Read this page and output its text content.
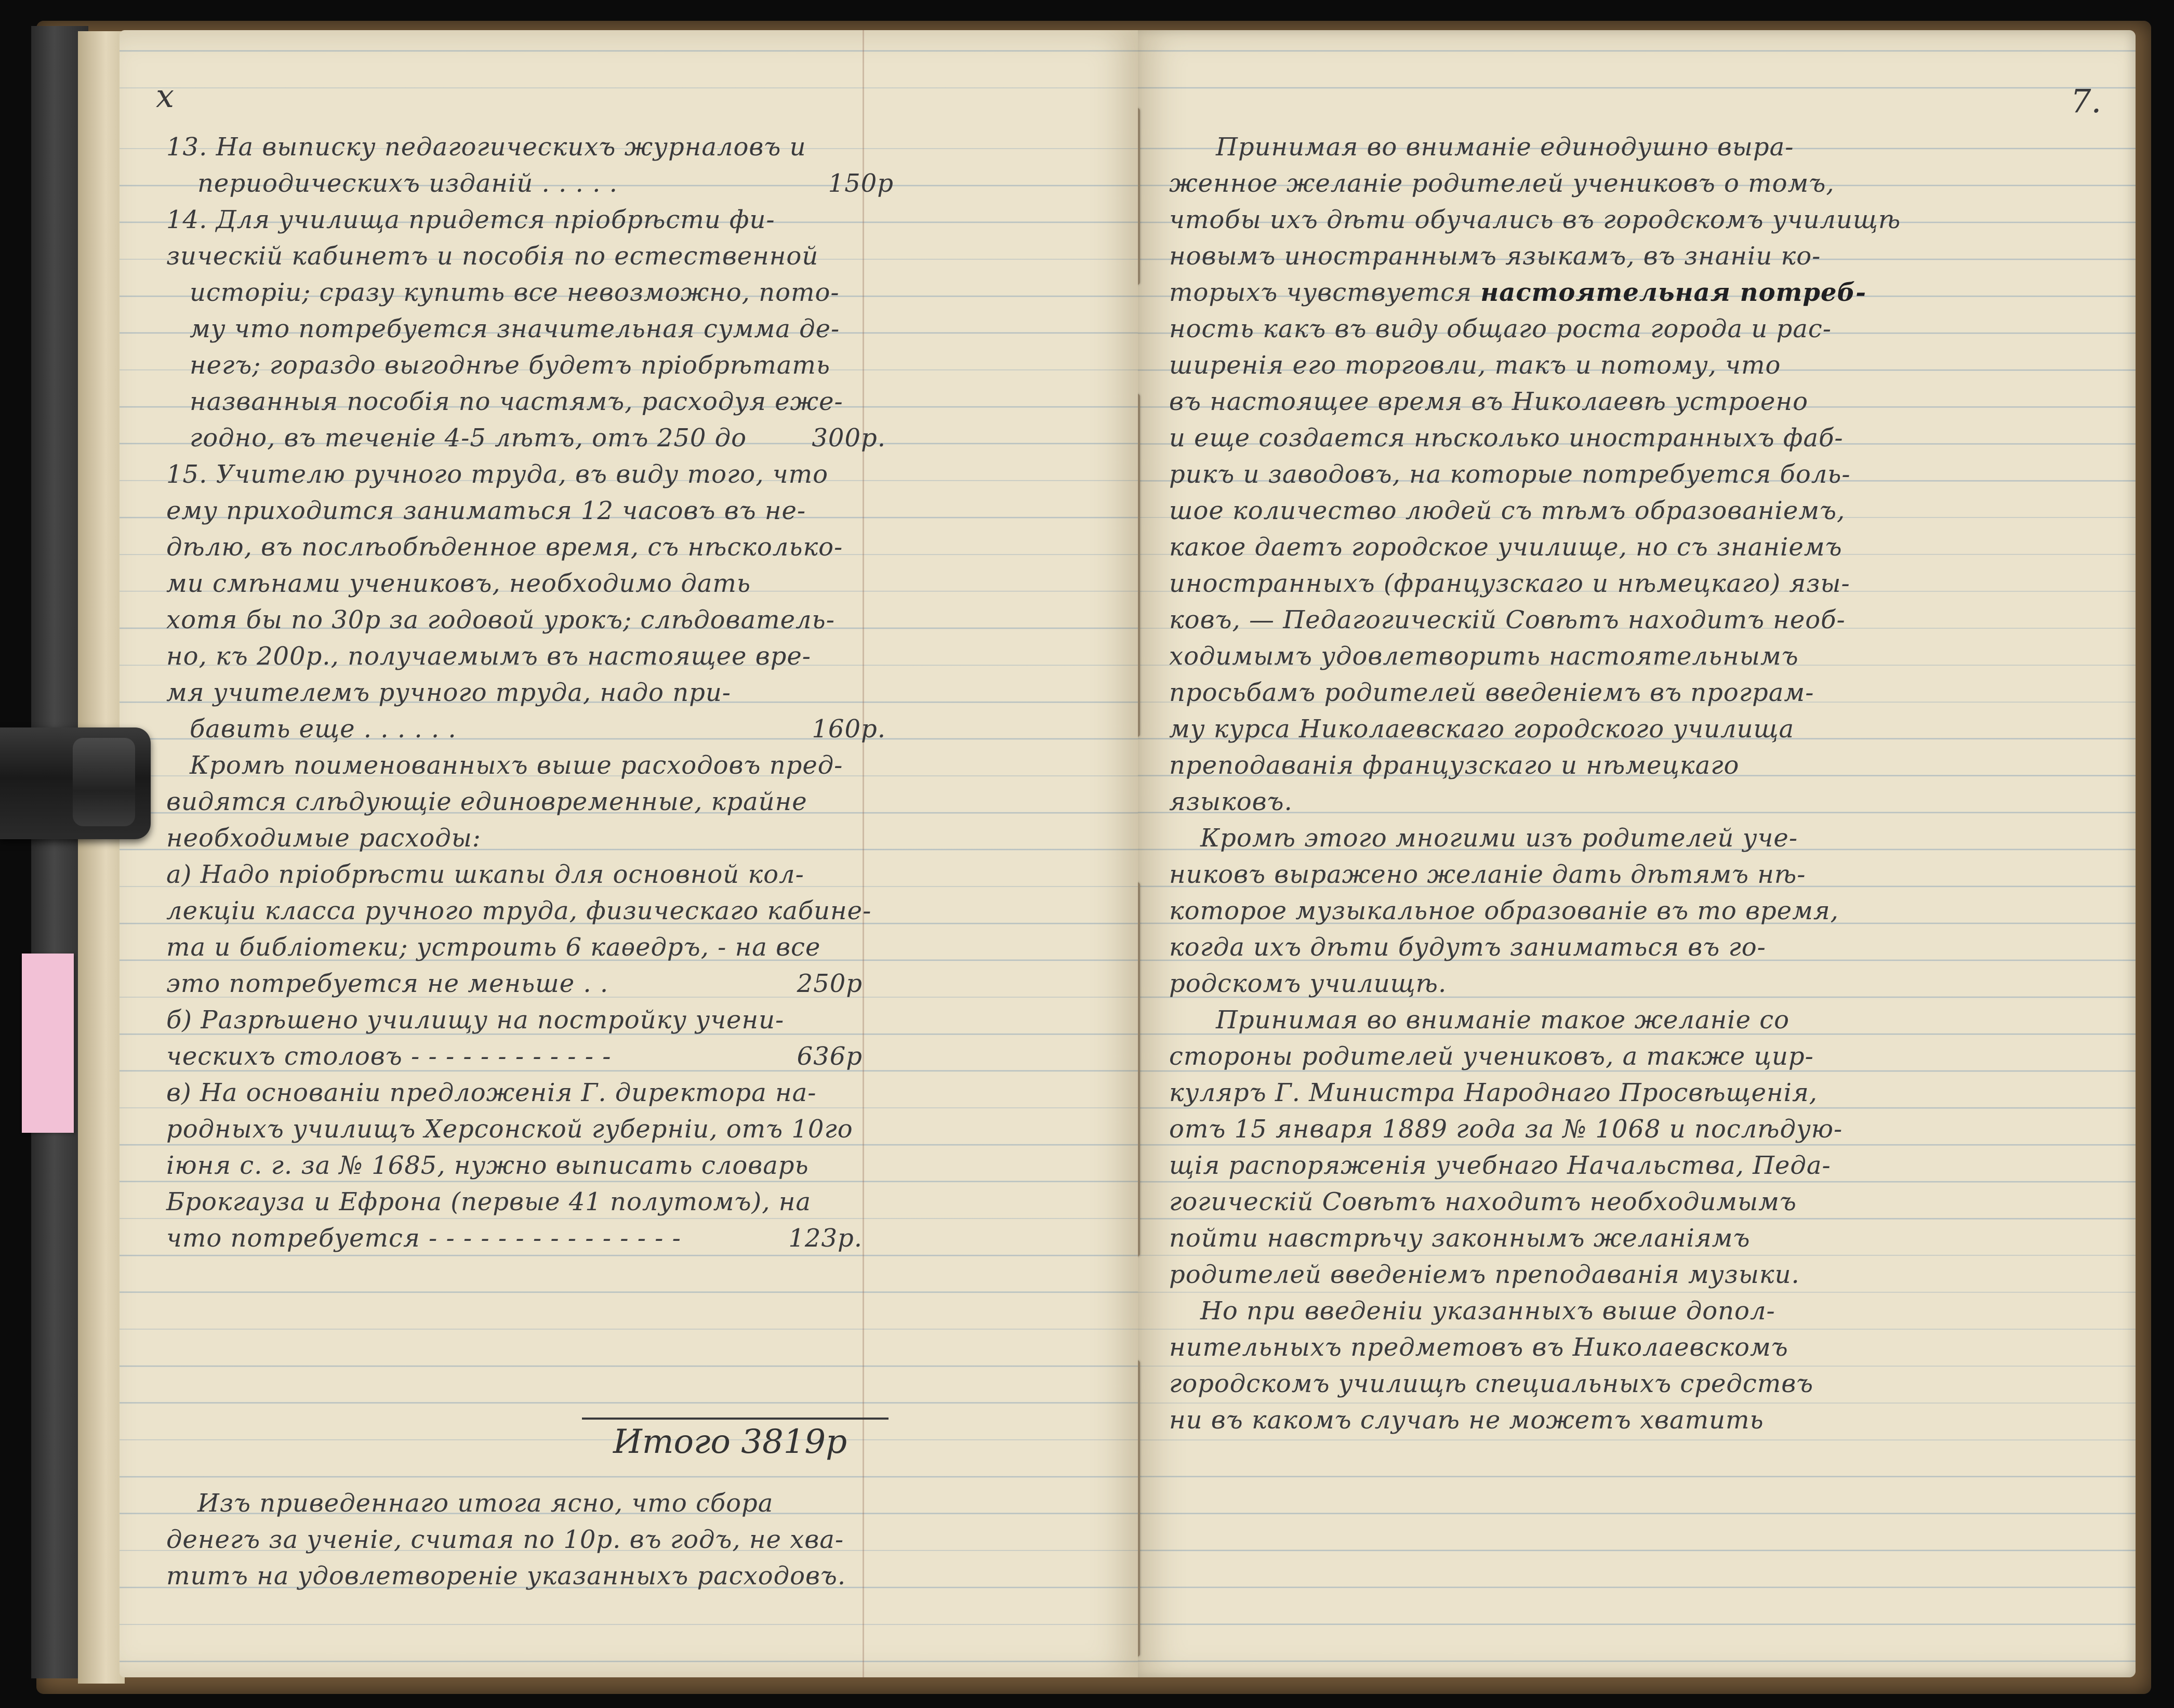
ⅹ
13. На выписку педагогическихъ журналовъ и
периодическихъ изданій . . . . .	150р
14. Для училища придется пріобрѣсти фи-
зическій кабинетъ и пособія по естественной
исторіи; сразу купить все невозможно, пото-
му что потребуется значительная сумма де-
негъ; гораздо выгоднѣе будетъ пріобрѣтать
названныя пособія по частямъ, расходуя еже-
годно, въ теченіе 4-5 лѣтъ, отъ 250 до	300р.
15. Учителю ручного труда, въ виду того, что
ему приходится заниматься 12 часовъ въ не-
дѣлю, въ послѣобѣденное время, съ нѣсколько-
ми смѣнами учениковъ, необходимо дать
хотя бы по 30р за годовой урокъ; слѣдователь-
но, къ 200р., получаемымъ въ настоящее вре-
мя учителемъ ручного труда, надо при-
бавить еще . . . . . .	160р.
Кромѣ поименованныхъ выше расходовъ пред-
видятся слѣдующіе единовременные, крайне
необходимые расходы:
а) Надо пріобрѣсти шкапы для основной кол-
лекціи класса ручного труда, физическаго кабине-
та и библіотеки; устроить 6 каѳедръ, - на все
это потребуется не меньше . .	250р
б) Разрѣшено училищу на постройку учени-
ческихъ столовъ - - - - - - - - - - - -	636р
в) На основаніи предложенія Г. директора на-
родныхъ училищъ Херсонской губерніи, отъ 10го
іюня с. г. за № 1685, нужно выписать словарь
Брокгауза и Ефрона (первые 41 полутомъ), на
что потребуется - - - - - - - - - - - - - - -	123р.
Изъ приведеннаго итога ясно, что сбора
денегъ за ученіе, считая по 10р. въ годъ, не хва-
титъ на удовлетвореніе указанныхъ расходовъ.
Итого 3819р
7.
Принимая во вниманіе единодушно выра-
женное желаніе родителей учениковъ о томъ,
чтобы ихъ дѣти обучались въ городскомъ училищѣ
новымъ иностраннымъ языкамъ, въ знаніи ко-
торыхъ чувствуется настоятельная потреб-
ность какъ въ виду общаго роста города и рас-
ширенія его торговли, такъ и потому, что
въ настоящее время въ Николаевѣ устроено
и еще создается нѣсколько иностранныхъ фаб-
рикъ и заводовъ, на которые потребуется боль-
шое количество людей съ тѣмъ образованіемъ,
какое даетъ городское училище, но съ знаніемъ
иностранныхъ (французскаго и нѣмецкаго) язы-
ковъ, — Педагогическій Совѣтъ находитъ необ-
ходимымъ удовлетворить настоятельнымъ
просьбамъ родителей введеніемъ въ програм-
му курса Николаевскаго городского училища
преподаванія французскаго и нѣмецкаго
языковъ.
Кромѣ этого многими изъ родителей уче-
никовъ выражено желаніе дать дѣтямъ нѣ-
которое музыкальное образованіе въ то время,
когда ихъ дѣти будутъ заниматься въ го-
родскомъ училищѣ.
Принимая во вниманіе такое желаніе со
стороны родителей учениковъ, а также цир-
куляръ Г. Министра Народнаго Просвѣщенія,
отъ 15 января 1889 года за № 1068 и послѣдую-
щія распоряженія учебнаго Начальства, Педа-
гогическій Совѣтъ находитъ необходимымъ
пойти навстрѣчу законнымъ желаніямъ
родителей введеніемъ преподаванія музыки.
Но при введеніи указанныхъ выше допол-
нительныхъ предметовъ въ Николаевскомъ
городскомъ училищѣ специальныхъ средствъ
ни въ какомъ случаѣ не можетъ хватить
